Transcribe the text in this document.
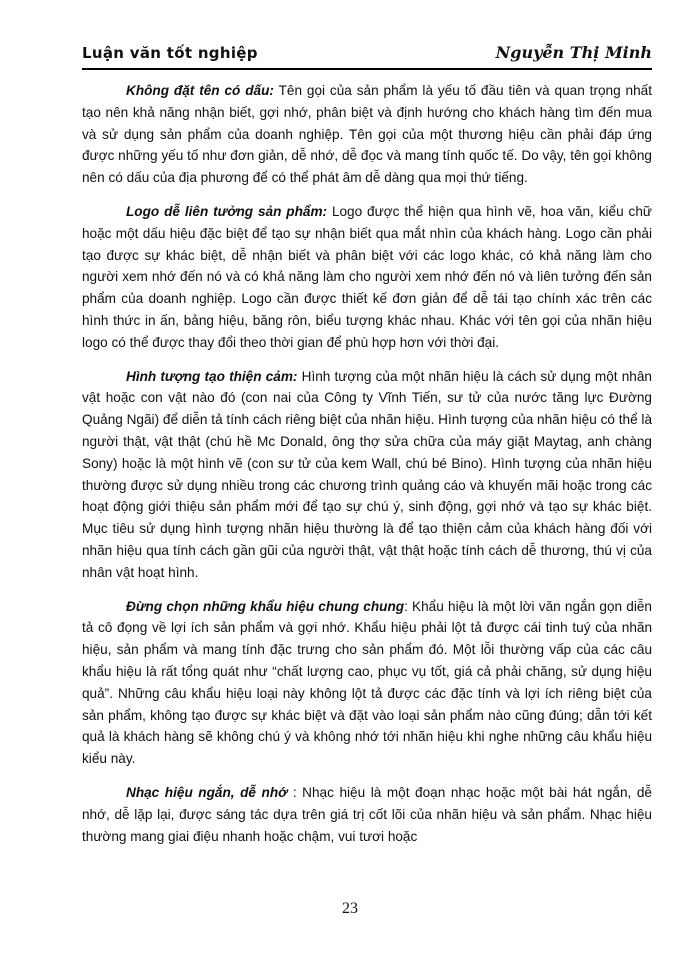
Luận văn tốt nghiệp	Nguyễn Thị Minh

Không đặt tên có dấu: Tên gọi của sản phẩm là yếu tố đầu tiên và quan trọng nhất tạo nên khả năng nhận biết, gợi nhớ, phân biệt và định hướng cho khách hàng tìm đến mua và sử dụng sản phẩm của doanh nghiệp. Tên gọi của một thương hiệu cần phải đáp ứng được những yếu tố như đơn giản, dễ nhớ, dễ đọc và mang tính quốc tế. Do vậy, tên gọi không nên có dấu của địa phương để có thể phát âm dễ dàng qua mọi thứ tiếng.

Logo dễ liên tưởng sản phẩm: Logo được thể hiện qua hình vẽ, hoa văn, kiểu chữ hoặc một dấu hiệu đặc biệt để tạo sự nhận biết qua mắt nhìn của khách hàng. Logo cần phải tạo được sự khác biệt, dễ nhận biết và phân biệt với các logo khác, có khả năng làm cho người xem nhớ đến nó và có khả năng làm cho người xem nhớ đến nó và liên tưởng đến sản phẩm của doanh nghiệp. Logo cần được thiết kế đơn giản để dễ tái tạo chính xác trên các hình thức in ấn, bảng hiệu, băng rôn, biểu tượng khác nhau. Khác với tên gọi của nhãn hiệu logo có thể được thay đổi theo thời gian để phù hợp hơn với thời đại.

Hình tượng tạo thiện cảm: Hình tượng của một nhãn hiệu là cách sử dụng một nhân vật hoặc con vật nào đó (con nai của Công ty Vĩnh Tiến, sư tử của nước tăng lực Đường Quảng Ngãi) để diễn tả tính cách riêng biệt của nhãn hiệu. Hình tượng của nhãn hiệu có thể là người thật, vật thật (chú hề Mc Donald, ông thợ sửa chữa của máy giặt Maytag, anh chàng Sony) hoặc là một hình vẽ (con sư tử của kem Wall, chú bé Bino). Hình tượng của nhãn hiệu thường được sử dụng nhiều trong các chương trình quảng cáo và khuyến mãi hoặc trong các hoạt động giới thiệu sản phẩm mới để tạo sự chú ý, sinh động, gợi nhớ và tạo sự khác biệt. Mục tiêu sử dụng hình tượng nhãn hiệu thường là để tạo thiện cảm của khách hàng đối với nhãn hiệu qua tính cách gần gũi của người thật, vật thật hoặc tính cách dễ thương, thú vị của nhân vật hoạt hình.

Đừng chọn những khẩu hiệu chung chung: Khẩu hiệu là một lời văn ngắn gọn diễn tả cô đọng về lợi ích sản phẩm và gợi nhớ. Khẩu hiệu phải lột tả được cái tinh tuý của nhãn hiệu, sản phẩm và mang tính đặc trưng cho sản phẩm đó. Một lỗi thường vấp của các câu khẩu hiệu là rất tổng quát như “chất lượng cao, phục vụ tốt, giá cả phải chăng, sử dụng hiệu quả”. Những câu khẩu hiệu loại này không lột tả được các đặc tính và lợi ích riêng biệt của sản phẩm, không tạo được sự khác biệt và đặt vào loại sản phẩm nào cũng đúng; dẫn tới kết quả là khách hàng sẽ không chú ý và không nhớ tới nhãn hiệu khi nghe những câu khẩu hiệu kiểu này.

Nhạc hiệu ngắn, dễ nhớ : Nhạc hiệu là một đoạn nhạc hoặc một bài hát ngắn, dễ nhớ, dễ lặp lại, được sáng tác dựa trên giá trị cốt lõi của nhãn hiệu và sản phẩm. Nhạc hiệu thường mang giai điệu nhanh hoặc chậm, vui tươi hoặc

23
